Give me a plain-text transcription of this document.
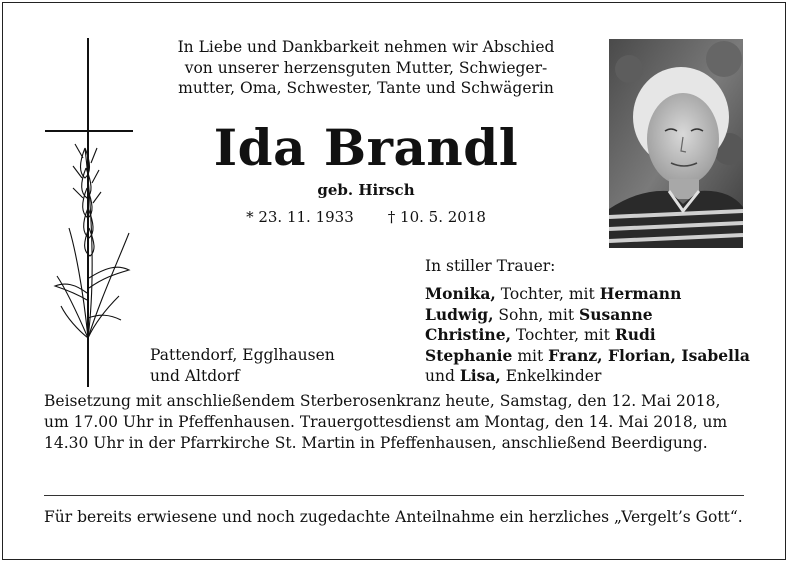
In Liebe und Dankbarkeit nehmen wir Abschied
von unserer herzensguten Mutter, Schwieger-
mutter, Oma, Schwester, Tante und Schwägerin
Ida Brandl
geb. Hirsch
* 23. 11. 1933 † 10. 5. 2018
In stiller Trauer:
Monika, Tochter, mit Hermann
Ludwig, Sohn, mit Susanne
Christine, Tochter, mit Rudi
Stephanie mit Franz, Florian, Isabella
und Lisa, Enkelkinder
Pattendorf, Egglhausen
und Altdorf
Beisetzung mit anschließendem Sterberosenkranz heute, Samstag, den 12. Mai 2018,
um 17.00 Uhr in Pfeffenhausen. Trauergottesdienst am Montag, den 14. Mai 2018, um
14.30 Uhr in der Pfarrkirche St. Martin in Pfeffenhausen, anschließend Beerdigung.
Für bereits erwiesene und noch zugedachte Anteilnahme ein herzliches „Vergelt’s Gott“.
